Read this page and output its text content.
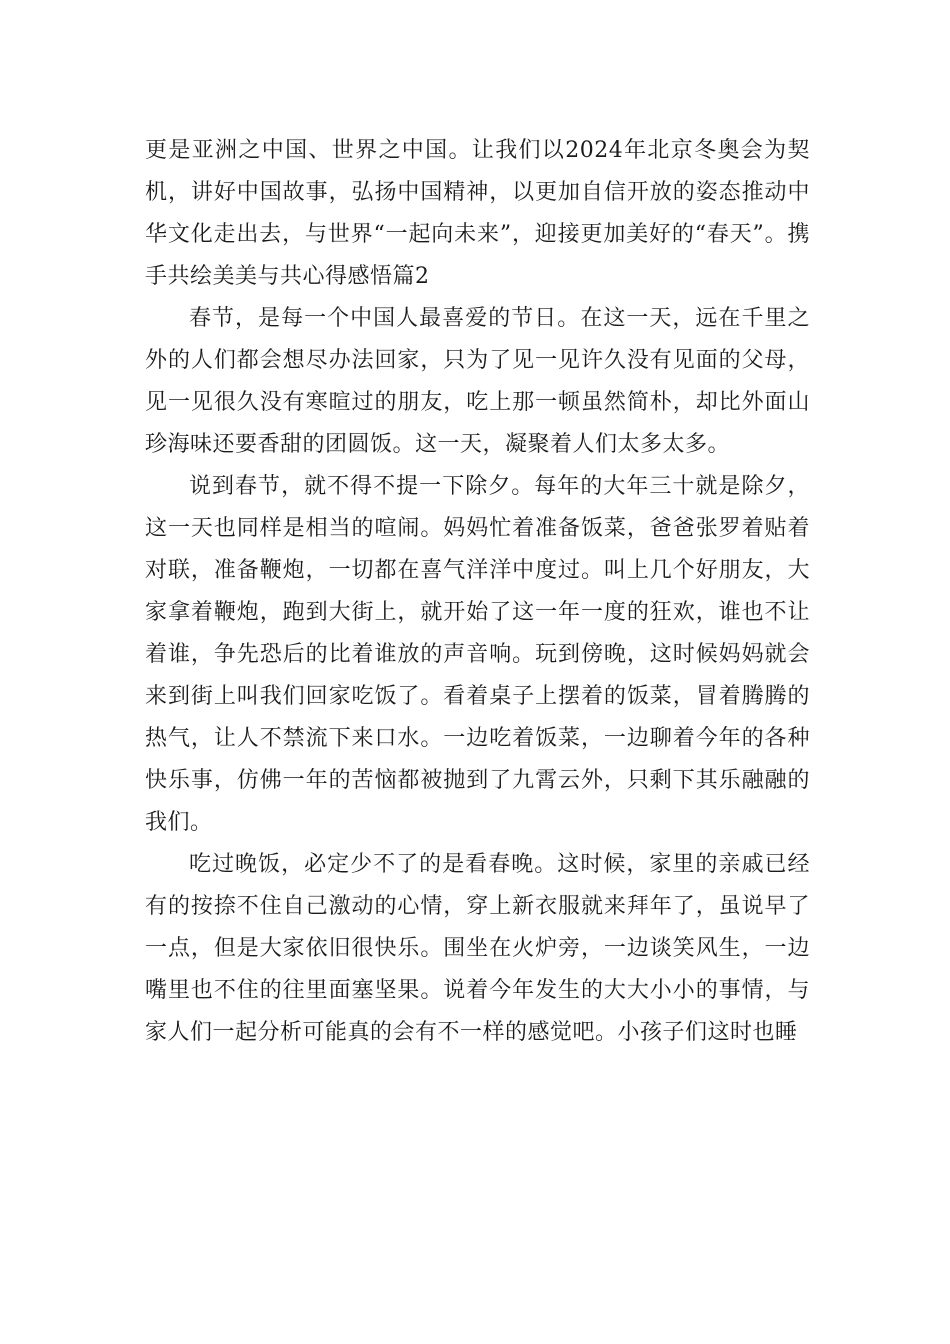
更是亚洲之中国、世界之中国。让我们以2024年北京冬奥会为契机，讲好中国故事，弘扬中国精神，以更加自信开放的姿态推动中华文化走出去，与世界“一起向未来”，迎接更加美好的“春天”。携手共绘美美与共心得感悟篇2

春节，是每一个中国人最喜爱的节日。在这一天，远在千里之外的人们都会想尽办法回家，只为了见一见许久没有见面的父母，见一见很久没有寒暄过的朋友，吃上那一顿虽然简朴，却比外面山珍海味还要香甜的团圆饭。这一天，凝聚着人们太多太多。

说到春节，就不得不提一下除夕。每年的大年三十就是除夕，这一天也同样是相当的喧闹。妈妈忙着准备饭菜，爸爸张罗着贴着对联，准备鞭炮，一切都在喜气洋洋中度过。叫上几个好朋友，大家拿着鞭炮，跑到大街上，就开始了这一年一度的狂欢，谁也不让着谁，争先恐后的比着谁放的声音响。玩到傍晚，这时候妈妈就会来到街上叫我们回家吃饭了。看着桌子上摆着的饭菜，冒着腾腾的热气，让人不禁流下来口水。一边吃着饭菜，一边聊着今年的各种快乐事，仿佛一年的苦恼都被抛到了九霄云外，只剩下其乐融融的我们。

吃过晚饭，必定少不了的是看春晚。这时候，家里的亲戚已经有的按捺不住自己激动的心情，穿上新衣服就来拜年了，虽说早了一点，但是大家依旧很快乐。围坐在火炉旁，一边谈笑风生，一边嘴里也不住的往里面塞坚果。说着今年发生的大大小小的事情，与家人们一起分析可能真的会有不一样的感觉吧。小孩子们这时也睡
